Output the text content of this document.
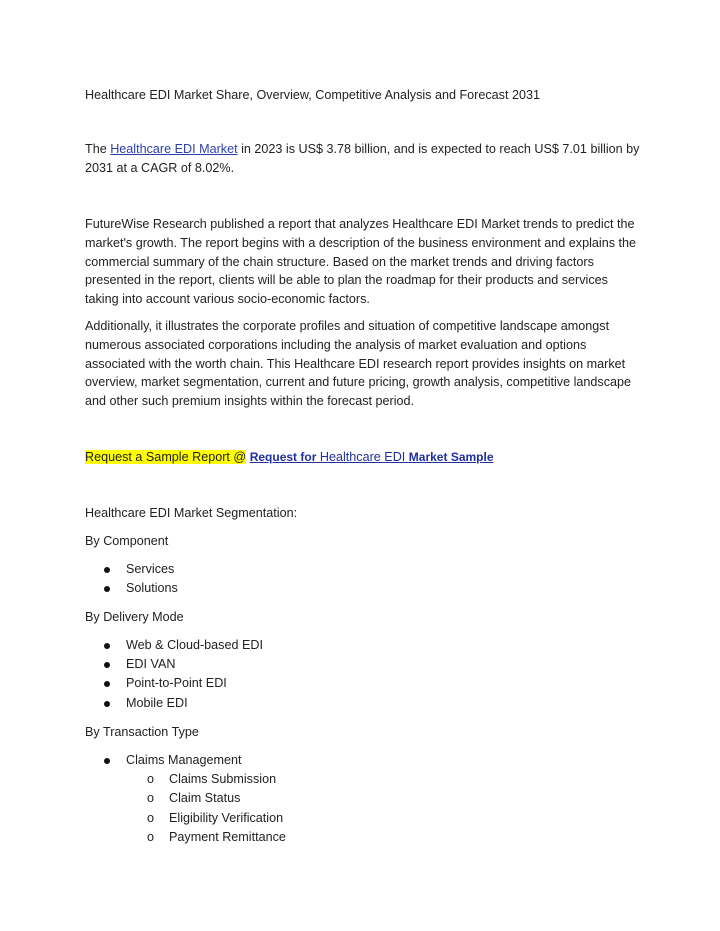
Healthcare EDI Market Share, Overview, Competitive Analysis and Forecast 2031

The Healthcare EDI Market in 2023 is US$ 3.78 billion, and is expected to reach US$ 7.01 billion by 2031 at a CAGR of 8.02%.

FutureWise Research published a report that analyzes Healthcare EDI Market trends to predict the market's growth. The report begins with a description of the business environment and explains the commercial summary of the chain structure. Based on the market trends and driving factors presented in the report, clients will be able to plan the roadmap for their products and services taking into account various socio-economic factors.

Additionally, it illustrates the corporate profiles and situation of competitive landscape amongst numerous associated corporations including the analysis of market evaluation and options associated with the worth chain. This Healthcare EDI research report provides insights on market overview, market segmentation, current and future pricing, growth analysis, competitive landscape and other such premium insights within the forecast period.

Request a Sample Report @ Request for Healthcare EDI Market Sample

Healthcare EDI Market Segmentation:

By Component

Services
Solutions

By Delivery Mode

Web & Cloud-based EDI
EDI VAN
Point-to-Point EDI
Mobile EDI

By Transaction Type

Claims Management
o Claims Submission
o Claim Status
o Eligibility Verification
o Payment Remittance
